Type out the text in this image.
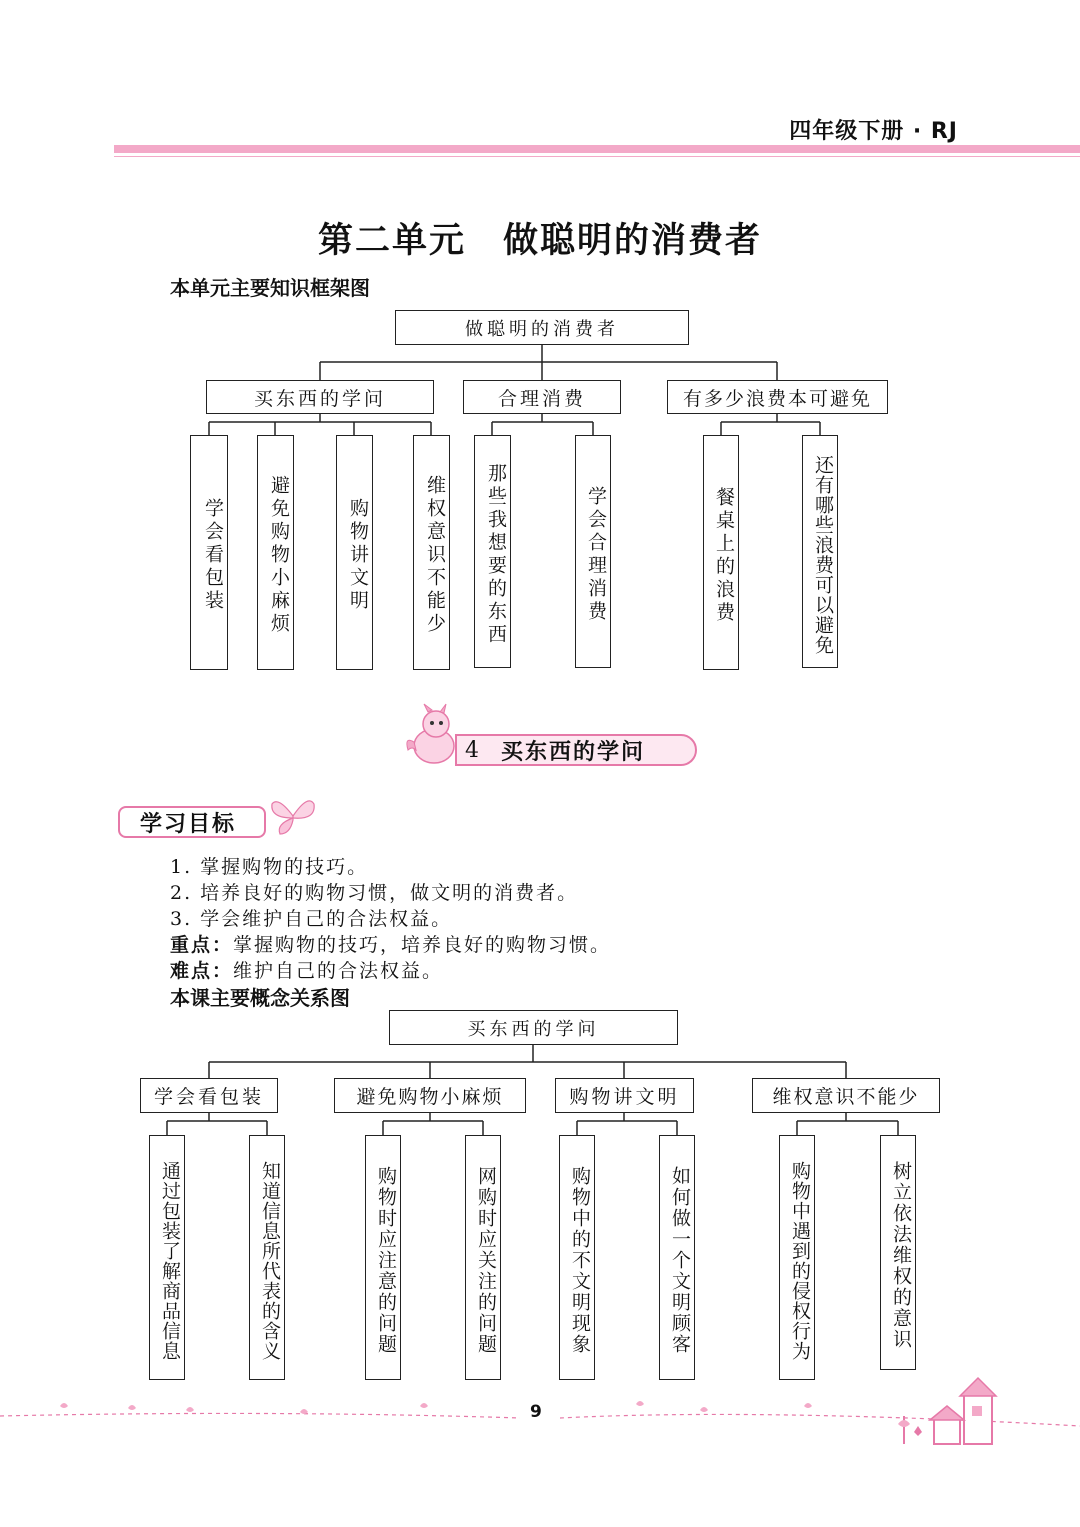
四年级下册 · RJ
第二单元　做聪明的消费者
本单元主要知识框架图
做聪明的消费者
买东西的学问	合理消费	有多少浪费本可避免
学会看包装 避免购物小麻烦	购物讲文明	维权意识不能少 那些我想要的东西	学会合理消费	餐桌上的浪费	还有哪些浪费可以避免
4 买东西的学问
学习目标
1. 掌握购物的技巧。
2. 培养良好的购物习惯，做文明的消费者。
3. 学会维护自己的合法权益。
重点：掌握购物的技巧，培养良好的购物习惯。
难点：维护自己的合法权益。
本课主要概念关系图
买东西的学问
学会看包装	避免购物小麻烦	购物讲文明	维权意识不能少
通过包装了解商品信息	知道信息所代表的含义	购物时应注意的问题	网购时应关注的问题	购物中的不文明现象	如何做一个文明顾客	购物中遇到的侵权行为	树立依法维权的意识
9
